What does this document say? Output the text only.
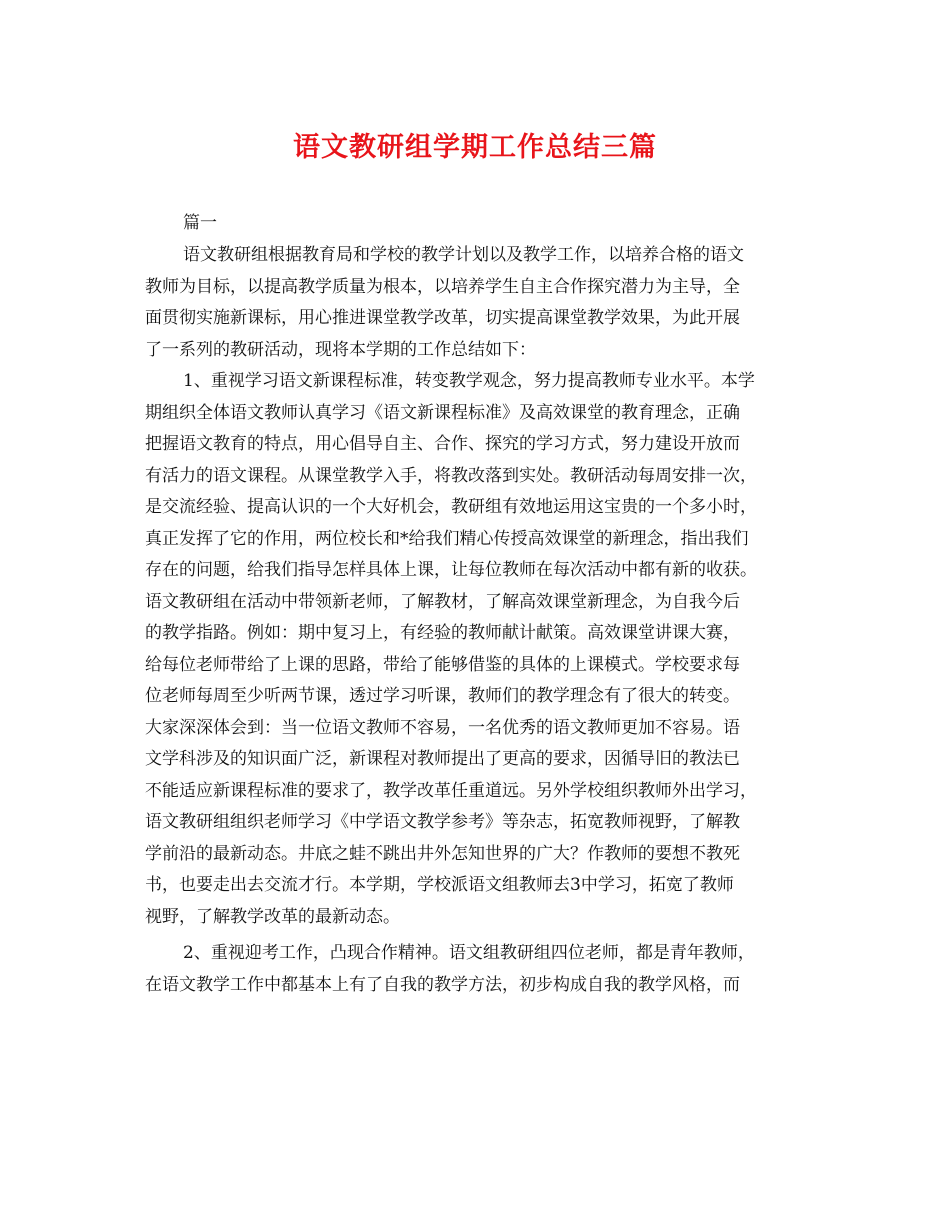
语文教研组学期工作总结三篇
篇一
语文教研组根据教育局和学校的教学计划以及教学工作，以培养合格的语文
教师为目标，以提高教学质量为根本，以培养学生自主合作探究潜力为主导，全
面贯彻实施新课标，用心推进课堂教学改革，切实提高课堂教学效果，为此开展
了一系列的教研活动，现将本学期的工作总结如下：
1、重视学习语文新课程标准，转变教学观念，努力提高教师专业水平。本学
期组织全体语文教师认真学习《语文新课程标准》及高效课堂的教育理念，正确
把握语文教育的特点，用心倡导自主、合作、探究的学习方式，努力建设开放而
有活力的语文课程。从课堂教学入手，将教改落到实处。教研活动每周安排一次，
是交流经验、提高认识的一个大好机会，教研组有效地运用这宝贵的一个多小时，
真正发挥了它的作用，两位校长和*给我们精心传授高效课堂的新理念，指出我们
存在的问题，给我们指导怎样具体上课，让每位教师在每次活动中都有新的收获。
语文教研组在活动中带领新老师，了解教材，了解高效课堂新理念，为自我今后
的教学指路。例如：期中复习上，有经验的教师献计献策。高效课堂讲课大赛，
给每位老师带给了上课的思路，带给了能够借鉴的具体的上课模式。学校要求每
位老师每周至少听两节课，透过学习听课，教师们的教学理念有了很大的转变。
大家深深体会到：当一位语文教师不容易，一名优秀的语文教师更加不容易。语
文学科涉及的知识面广泛，新课程对教师提出了更高的要求，因循导旧的教法已
不能适应新课程标准的要求了，教学改革任重道远。另外学校组织教师外出学习，
语文教研组组织老师学习《中学语文教学参考》等杂志，拓宽教师视野，了解教
学前沿的最新动态。井底之蛙不跳出井外怎知世界的广大？作教师的要想不教死
书，也要走出去交流才行。本学期，学校派语文组教师去3中学习，拓宽了教师
视野，了解教学改革的最新动态。
2、重视迎考工作，凸现合作精神。语文组教研组四位老师，都是青年教师，
在语文教学工作中都基本上有了自我的教学方法，初步构成自我的教学风格，而
